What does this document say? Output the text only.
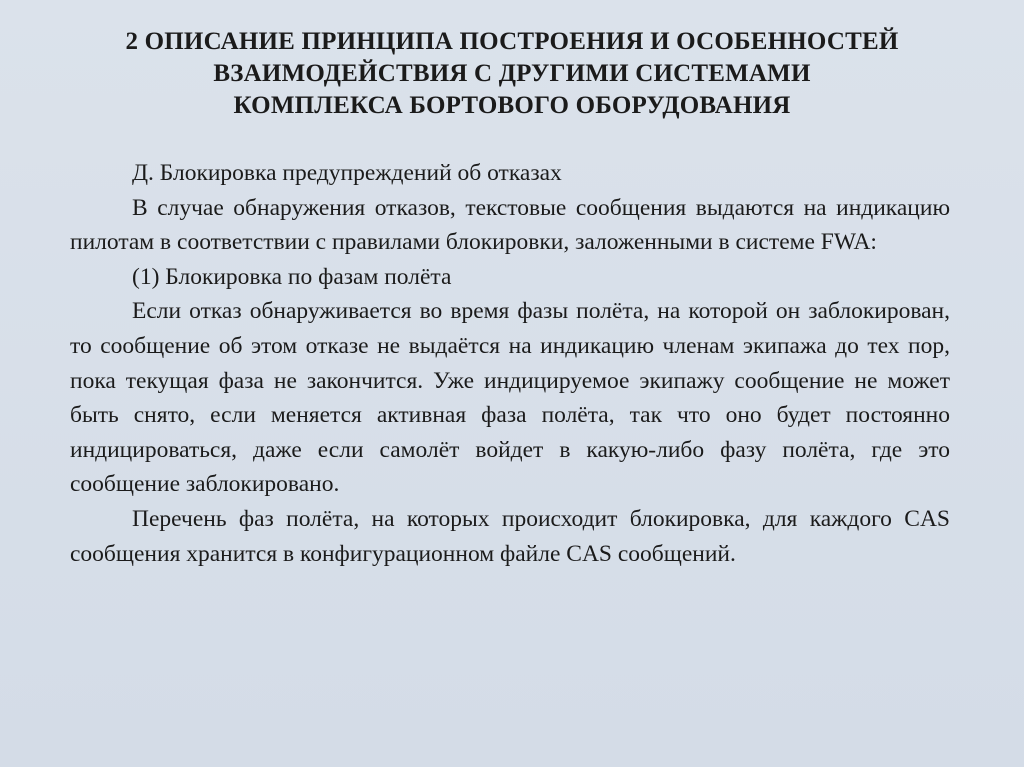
2 ОПИСАНИЕ ПРИНЦИПА ПОСТРОЕНИЯ И ОСОБЕННОСТЕЙ
ВЗАИМОДЕЙСТВИЯ С ДРУГИМИ СИСТЕМАМИ
КОМПЛЕКСА БОРТОВОГО ОБОРУДОВАНИЯ

Д. Блокировка предупреждений об отказах

В случае обнаружения отказов, текстовые сообщения выдаются на индикацию пилотам в соответствии с правилами блокировки, заложенными в системе FWA:

(1) Блокировка по фазам полёта

Если отказ обнаруживается во время фазы полёта, на которой он заблокирован, то сообщение об этом отказе не выдаётся на индикацию членам экипажа до тех пор, пока текущая фаза не закончится. Уже индицируемое экипажу сообщение не может быть снято, если меняется активная фаза полёта, так что оно будет постоянно индицироваться, даже если самолёт войдет в какую-либо фазу полёта, где это сообщение заблокировано.

Перечень фаз полёта, на которых происходит блокировка, для каждого CAS сообщения хранится в конфигурационном файле CAS сообщений.
